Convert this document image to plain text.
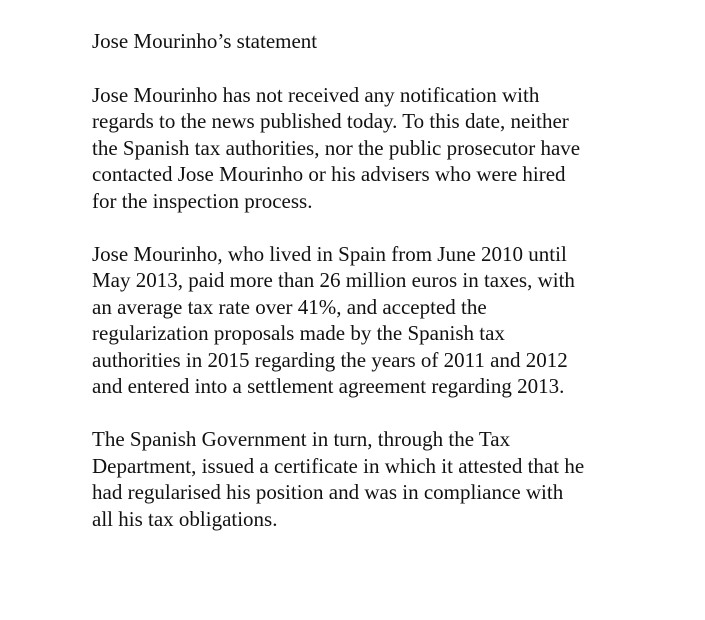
Jose Mourinho’s statement
Jose Mourinho has not received any notification with
regards to the news published today. To this date, neither
the Spanish tax authorities, nor the public prosecutor have
contacted Jose Mourinho or his advisers who were hired
for the inspection process.
Jose Mourinho, who lived in Spain from June 2010 until
May 2013, paid more than 26 million euros in taxes, with
an average tax rate over 41%, and accepted the
regularization proposals made by the Spanish tax
authorities in 2015 regarding the years of 2011 and 2012
and entered into a settlement agreement regarding 2013.
The Spanish Government in turn, through the Tax
Department, issued a certificate in which it attested that he
had regularised his position and was in compliance with
all his tax obligations.
